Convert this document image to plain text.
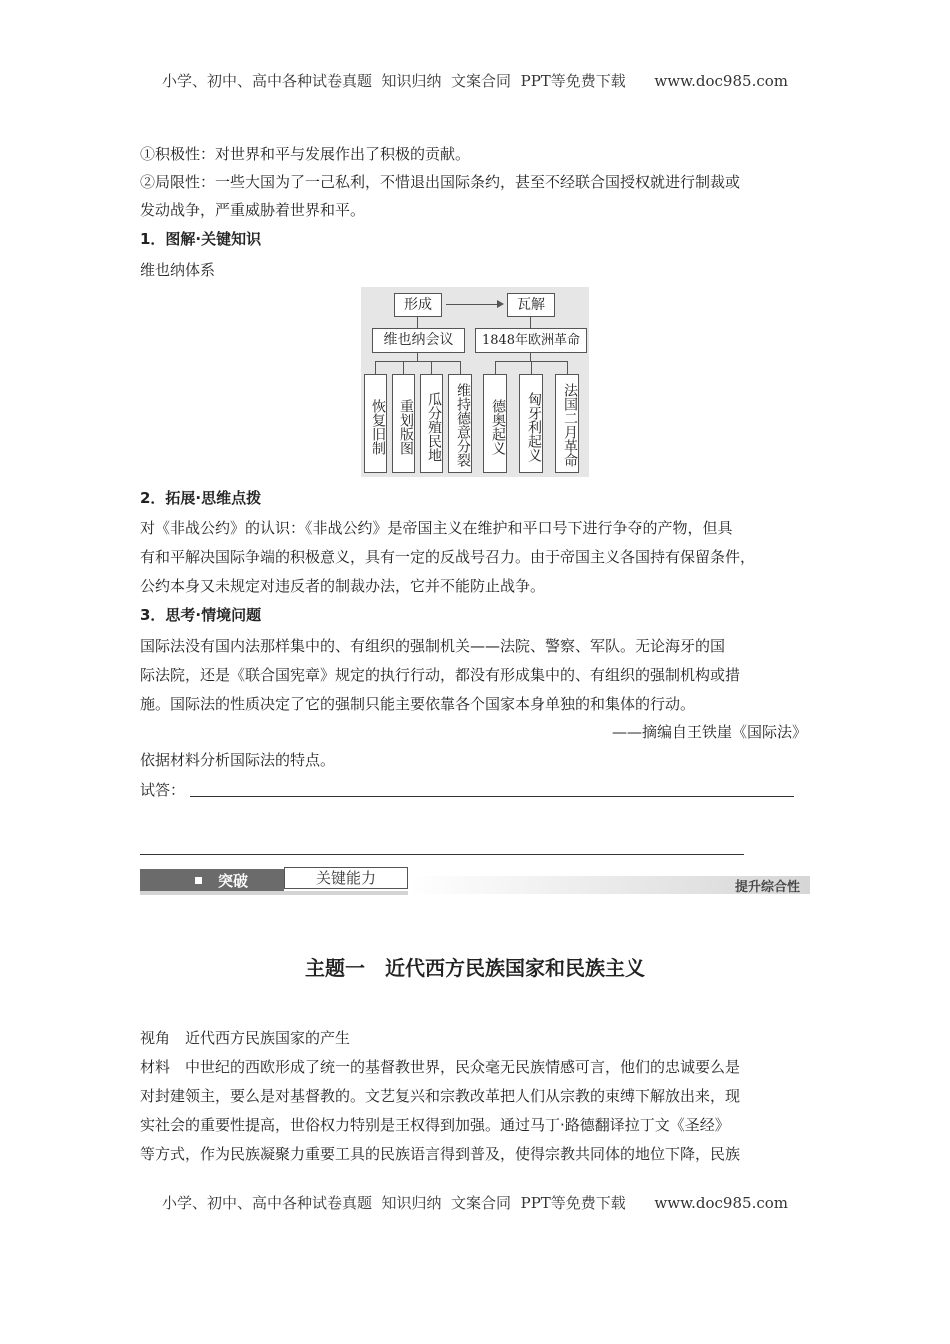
小学、初中、高中各种试卷真题  知识归纳  文案合同  PPT等免费下载      www.doc985.com

①积极性：对世界和平与发展作出了积极的贡献。

②局限性：一些大国为了一己私利，不惜退出国际条约，甚至不经联合国授权就进行制裁或

发动战争，严重威胁着世界和平。

1．图解·关键知识

维也纳体系

形成	瓦解
维也纳会议	1848年欧洲革命
恢复旧制 重划版图 瓜分殖民地 维持德意分裂	德奥起义	匈牙利起义	法国二月革命

2．拓展·思维点拨

对《非战公约》的认识：《非战公约》是帝国主义在维护和平口号下进行争夺的产物，但具

有和平解决国际争端的积极意义，具有一定的反战号召力。由于帝国主义各国持有保留条件，

公约本身又未规定对违反者的制裁办法，它并不能防止战争。

3．思考·情境问题

国际法没有国内法那样集中的、有组织的强制机关——法院、警察、军队。无论海牙的国

际法院，还是《联合国宪章》规定的执行行动，都没有形成集中的、有组织的强制机构或措

施。国际法的性质决定了它的强制只能主要依靠各个国家本身单独的和集体的行动。

——摘编自王铁崖《国际法》

依据材料分析国际法的特点。

试答：

突破	关键能力
提升综合性
主题一　近代西方民族国家和民族主义

视角　近代西方民族国家的产生

材料　中世纪的西欧形成了统一的基督教世界，民众毫无民族情感可言，他们的忠诚要么是

对封建领主，要么是对基督教的。文艺复兴和宗教改革把人们从宗教的束缚下解放出来，现

实社会的重要性提高，世俗权力特别是王权得到加强。通过马丁·路德翻译拉丁文《圣经》

等方式，作为民族凝聚力重要工具的民族语言得到普及，使得宗教共同体的地位下降，民族

小学、初中、高中各种试卷真题  知识归纳  文案合同  PPT等免费下载      www.doc985.com
